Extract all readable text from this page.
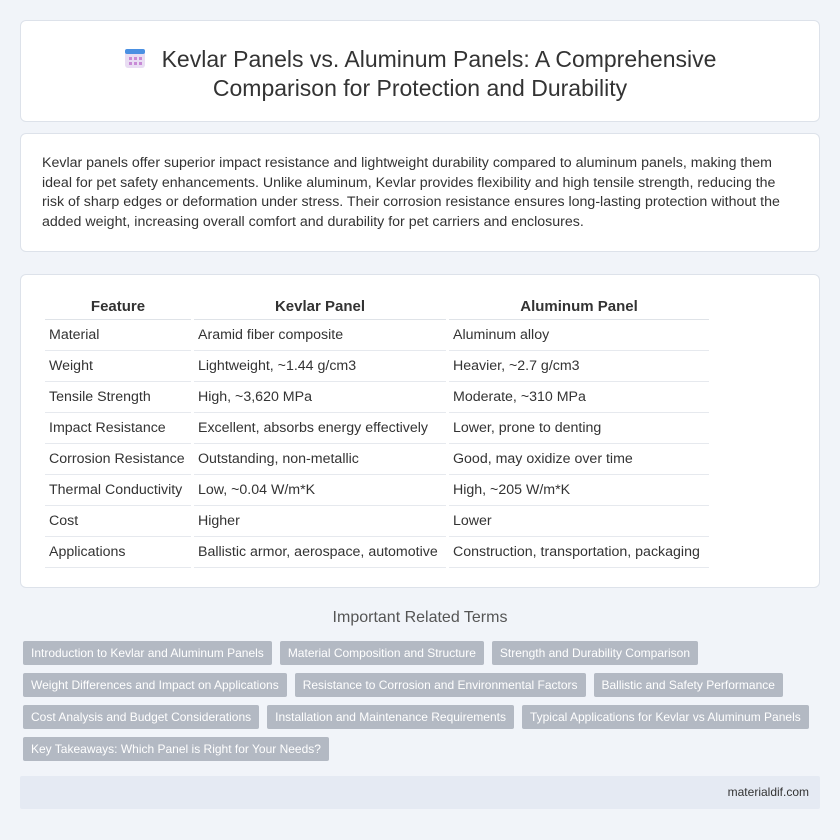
Kevlar Panels vs. Aluminum Panels: A Comprehensive
Comparison for Protection and Durability

Kevlar panels offer superior impact resistance and lightweight durability compared to aluminum panels, making them ideal for pet safety enhancements. Unlike aluminum, Kevlar provides flexibility and high tensile strength, reducing the risk of sharp edges or deformation under stress. Their corrosion resistance ensures long-lasting protection without the added weight, increasing overall comfort and durability for pet carriers and enclosures.

Feature	Kevlar Panel	Aluminum Panel
Material	Aramid fiber composite	Aluminum alloy
Weight	Lightweight, ~1.44 g/cm3	Heavier, ~2.7 g/cm3
Tensile Strength	High, ~3,620 MPa	Moderate, ~310 MPa
Impact Resistance	Excellent, absorbs energy effectively	Lower, prone to denting
Corrosion Resistance	Outstanding, non-metallic	Good, may oxidize over time
Thermal Conductivity	Low, ~0.04 W/m*K	High, ~205 W/m*K
Cost	Higher	Lower
Applications	Ballistic armor, aerospace, automotive	Construction, transportation, packaging
Important Related Terms
Introduction to Kevlar and Aluminum Panels	Material Composition and Structure	Strength and Durability Comparison
Weight Differences and Impact on Applications	Resistance to Corrosion and Environmental Factors	Ballistic and Safety Performance
Cost Analysis and Budget Considerations	Installation and Maintenance Requirements	Typical Applications for Kevlar vs Aluminum Panels
Key Takeaways: Which Panel is Right for Your Needs?
materialdif.com
